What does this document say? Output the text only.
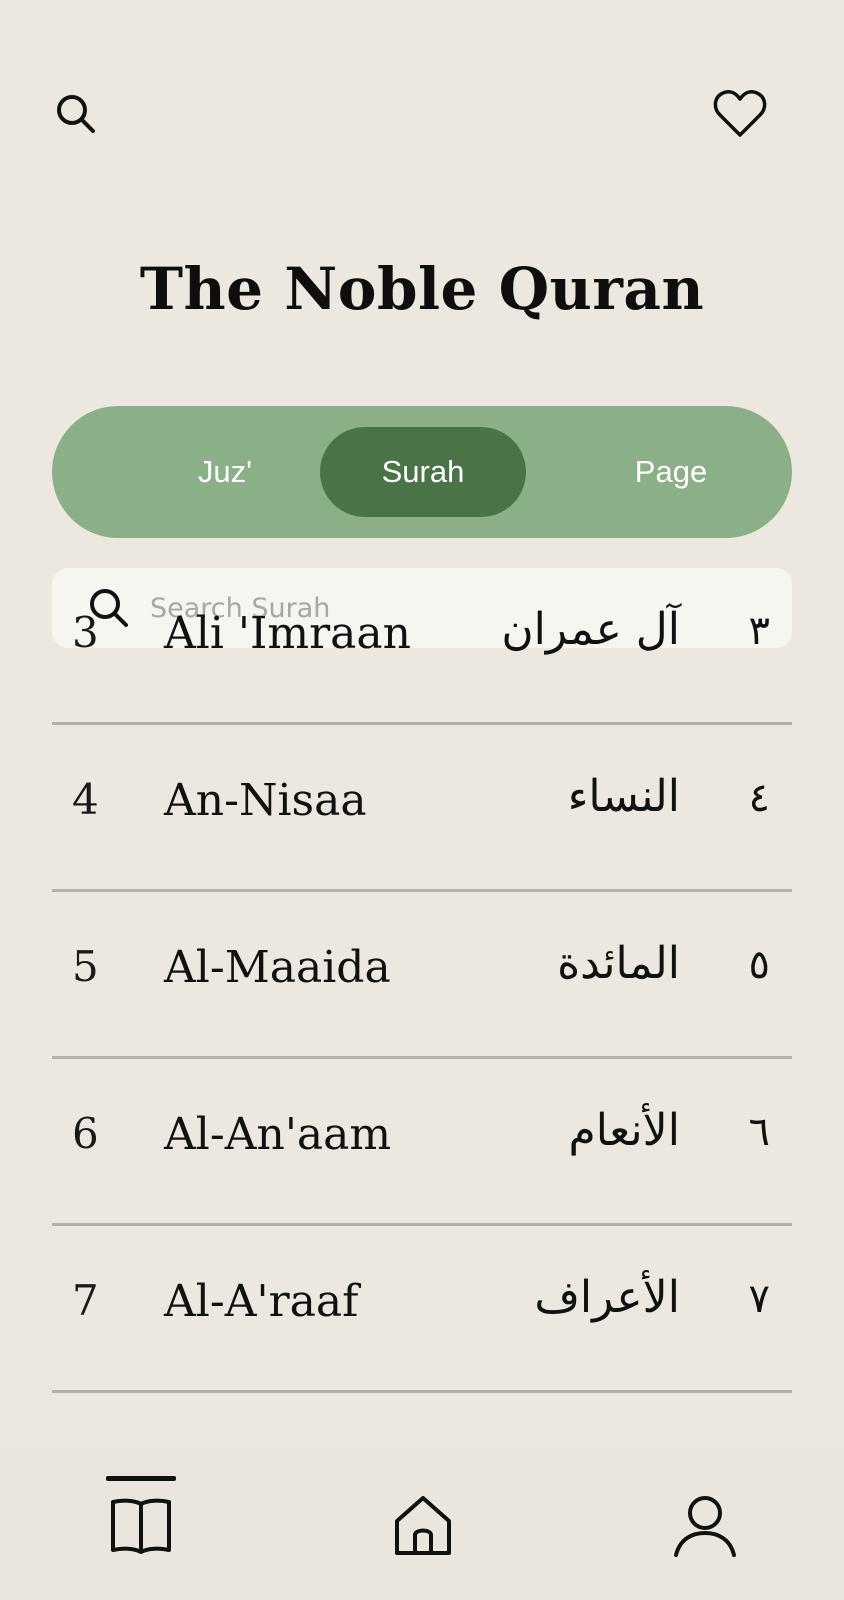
The Noble Quran
Juz'	Surah	Page
Search Surah
3 Ali 'Imraan آل عمران ٣
4 An-Nisaa	النساء ٤
5 Al-Maaida	المائدة ٥
6 Al-An'aam	الأنعام ٦
7 Al-A'raaf	الأعراف ٧
